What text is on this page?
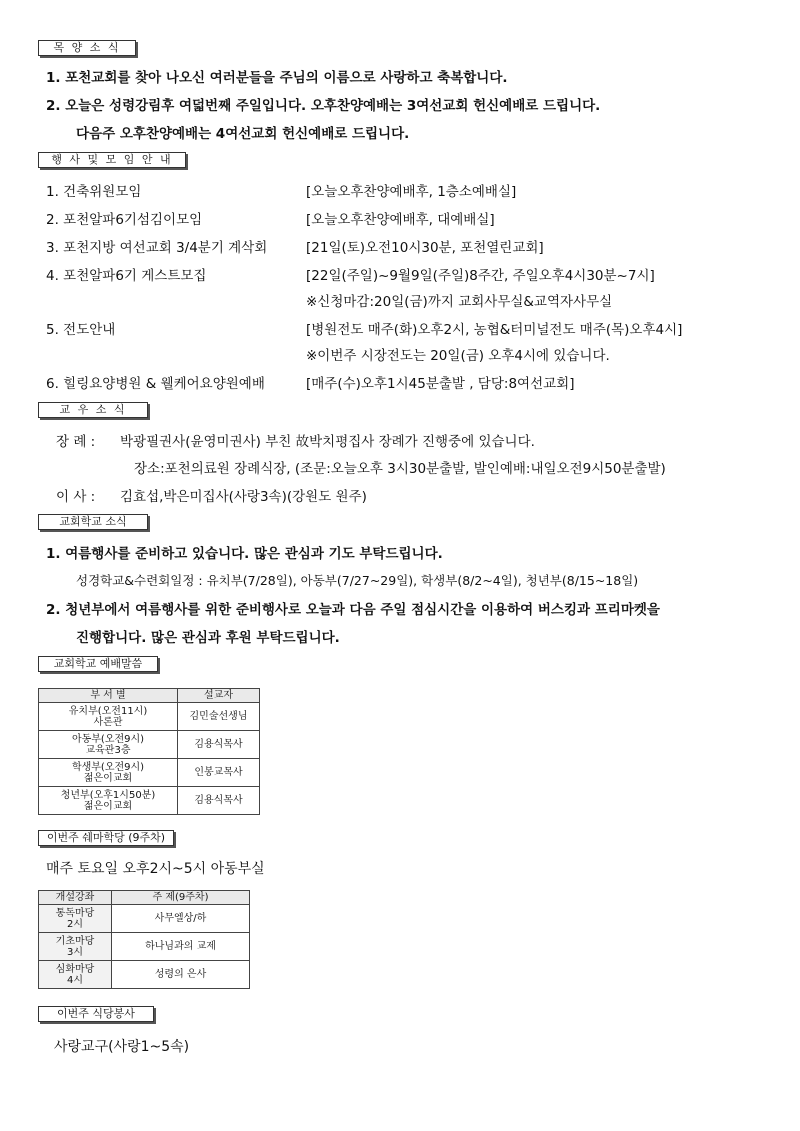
목 양 소 식
1. 포천교회를 찾아 나오신 여러분들을 주님의 이름으로 사랑하고 축복합니다.
2. 오늘은 성령강림후 여덟번째 주일입니다. 오후찬양예배는 3여선교회 헌신예배로 드립니다.
다음주 오후찬양예배는 4여선교회 헌신예배로 드립니다.
행 사 및 모 임 안 내
1. 건축위원모임	[오늘오후찬양예배후, 1층소예배실]
2. 포천알파6기섬김이모임	[오늘오후찬양예배후, 대예배실]
3. 포천지방 여선교회 3/4분기 계삭회	[21일(토)오전10시30분, 포천열린교회]
4. 포천알파6기 게스트모집	[22일(주일)~9월9일(주일)8주간, 주일오후4시30분~7시]
※신청마감:20일(금)까지 교회사무실&교역자사무실
5. 전도안내	[병원전도 매주(화)오후2시, 농협&터미널전도 매주(목)오후4시]
※이번주 시장전도는 20일(금) 오후4시에 있습니다.
6. 힐링요양병원 & 웰케어요양원예배	[매주(수)오후1시45분출발 , 담당:8여선교회]
교 우 소 식
장 례 : 박광필권사(윤영미권사) 부친 故박치평집사 장례가 진행중에 있습니다.
장소:포천의료원 장례식장, (조문:오늘오후 3시30분출발, 발인예배:내일오전9시50분출발)
이 사 : 김효섭,박은미집사(사랑3속)(강원도 원주)
교회학교 소식
1. 여름행사를 준비하고 있습니다. 많은 관심과 기도 부탁드립니다.
성경학교&수련회일정 : 유치부(7/28일), 아동부(7/27~29일), 학생부(8/2~4일), 청년부(8/15~18일)
2. 청년부에서 여름행사를 위한 준비행사로 오늘과 다음 주일 점심시간을 이용하여 버스킹과 프리마켓을
진행합니다. 많은 관심과 후원 부탁드립니다.
교회학교 예배말씀
부 서 별	설교자

유치부(오전11시)
사론관	김민술선생님

아동부(오전9시)
교육관3층	김용식목사

학생부(오전9시)
젊은이교회	인봉교목사

청년부(오후1시50분)
젊은이교회	김용식목사
이번주 쉐마학당 (9주차)
매주 토요일 오후2시~5시 아동부실
개설강좌	주 제(9주차)

통독마당
2시	사무엘상/하

기초마당
3시	하나님과의 교제

심화마당
4시	성령의 은사
이번주 식당봉사
사랑교구(사랑1~5속)
